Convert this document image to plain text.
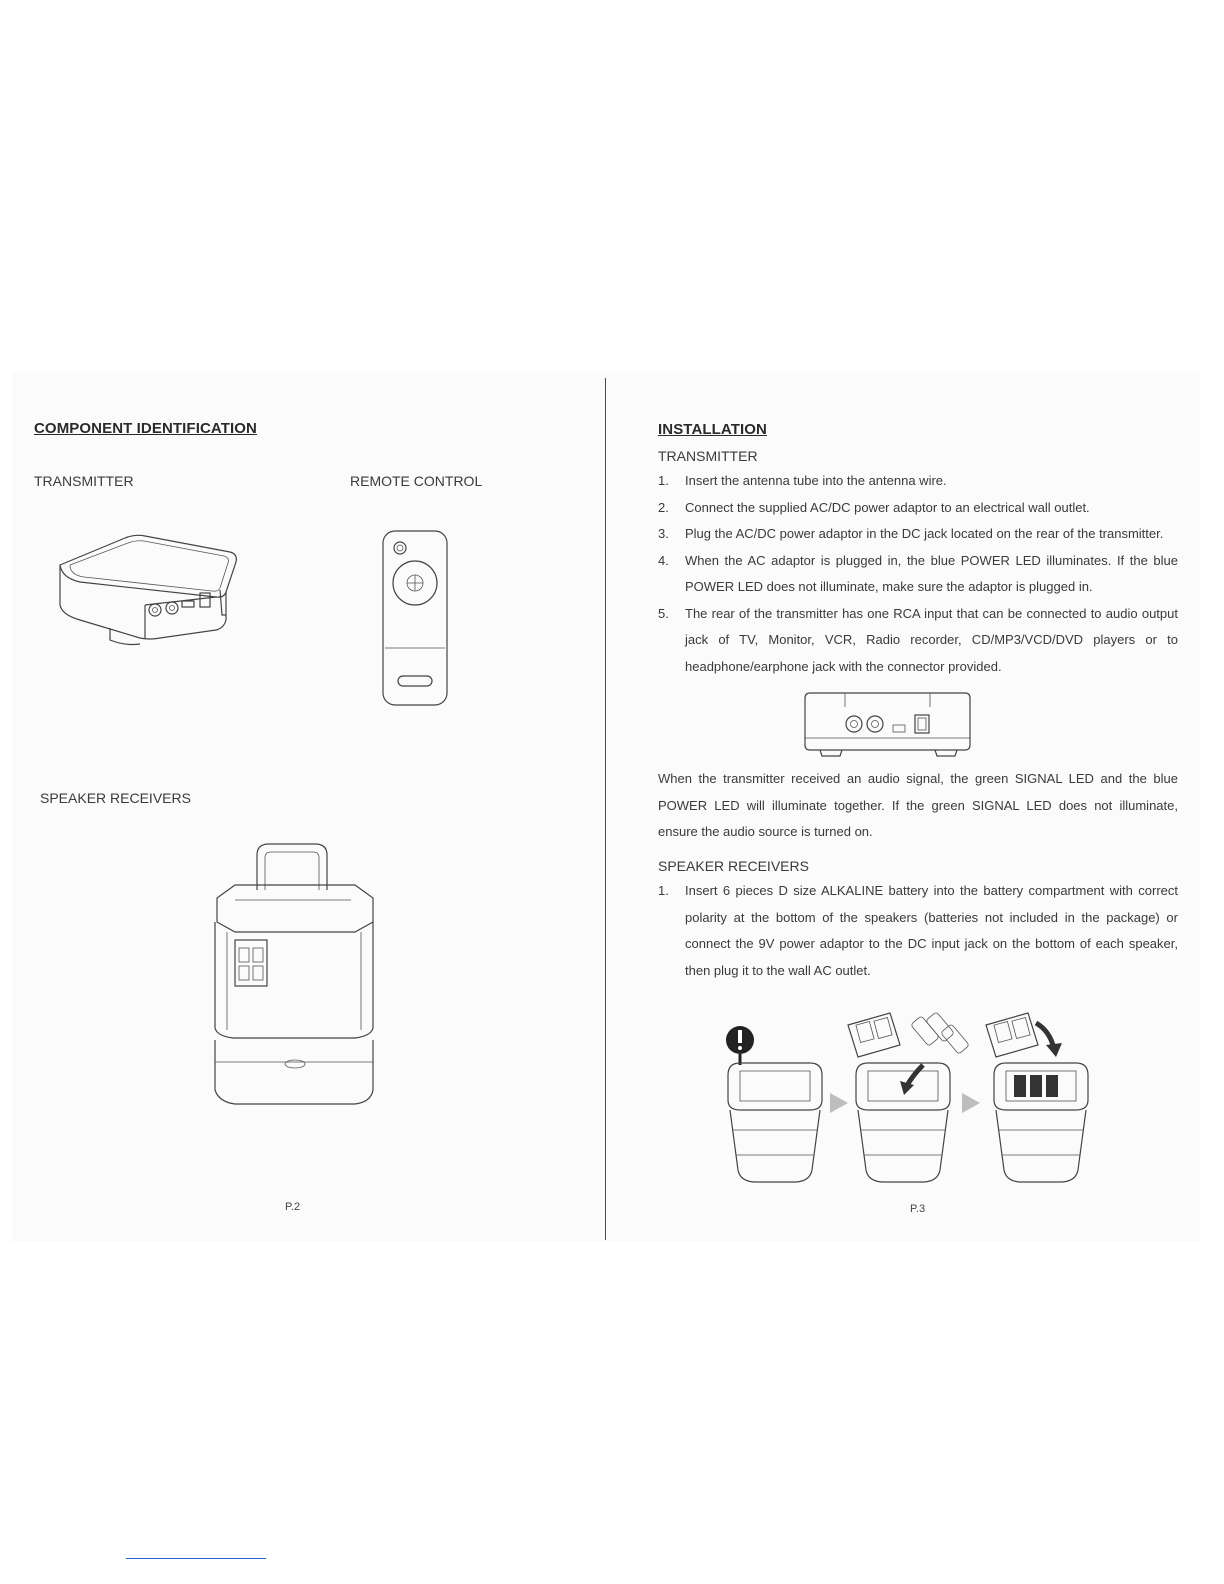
COMPONENT IDENTIFICATION
TRANSMITTER	REMOTE CONTROL
SPEAKER RECEIVERS
P.2
INSTALLATION
TRANSMITTER
1. Insert the antenna tube into the antenna wire.
2. Connect the supplied AC/DC power adaptor to an electrical wall outlet.
3. Plug the AC/DC power adaptor in the DC jack located on the rear of the transmitter.
4. When the AC adaptor is plugged in, the blue POWER LED illuminates. If the blue POWER LED does not illuminate, make sure the adaptor is plugged in.
5. The rear of the transmitter has one RCA input that can be connected to audio output jack of TV, Monitor, VCR, Radio recorder, CD/MP3/VCD/DVD players or to headphone/earphone jack with the connector provided.
When the transmitter received an audio signal, the green SIGNAL LED and the blue POWER LED will illuminate together. If the green SIGNAL LED does not illuminate, ensure the audio source is turned on.
SPEAKER RECEIVERS
1. Insert 6 pieces D size ALKALINE battery into the battery compartment with correct polarity at the bottom of the speakers (batteries not included in the package) or connect the 9V power adaptor to the DC input jack on the bottom of each speaker, then plug it to the wall AC outlet.
P.3
